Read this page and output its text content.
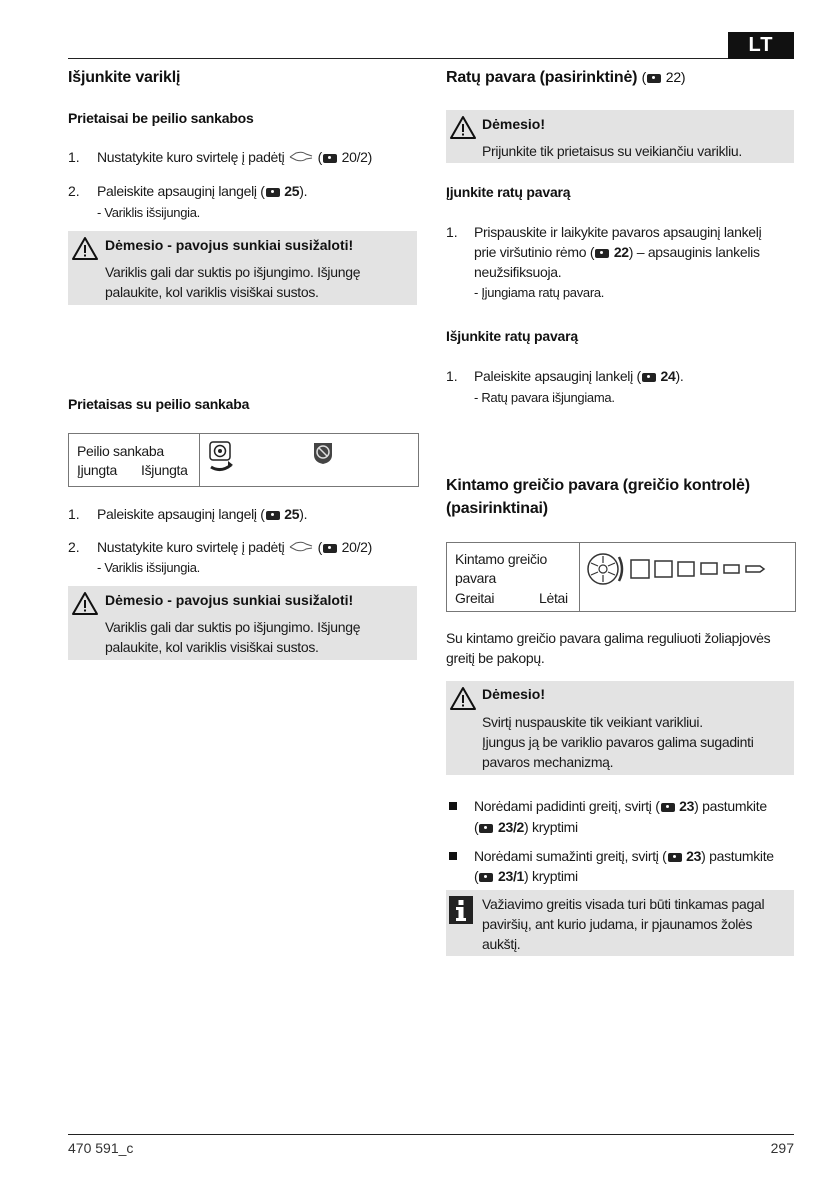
LT
Išjunkite variklį
Prietaisai be peilio sankabos
1. Nustatykite kuro svirtelę į padėtį  ( 20/2)
2. Paleiskite apsauginį langelį ( 25).
- Variklis išsijungia.
Dėmesio - pavojus sunkiai susižaloti!
Variklis gali dar suktis po išjungimo. Išjungę
palaukite, kol variklis visiškai sustos.
Prietaisas su peilio sankaba
Peilio sankaba
Įjungta Išjungta
1. Paleiskite apsauginį langelį ( 25).
2. Nustatykite kuro svirtelę į padėtį  ( 20/2)
- Variklis išsijungia.
Dėmesio - pavojus sunkiai susižaloti!
Variklis gali dar suktis po išjungimo. Išjungę
palaukite, kol variklis visiškai sustos.
Ratų pavara (pasirinktinė) ( 22)
Dėmesio!
Prijunkite tik prietaisus su veikiančiu varikliu.
Įjunkite ratų pavarą
1. Prispauskite ir laikykite pavaros apsauginį lankelį
prie viršutinio rėmo ( 22) – apsauginis lankelis
neužsifiksuoja.
- Įjungiama ratų pavara.
Išjunkite ratų pavarą
1. Paleiskite apsauginį lankelį ( 24).
- Ratų pavara išjungiama.
Kintamo greičio pavara (greičio kontrolė)
(pasirinktinai)
Kintamo greičio
pavara
Greitai	Lėtai
Su kintamo greičio pavara galima reguliuoti žoliapjovės
greitį be pakopų.
Dėmesio!
Svirtį nuspauskite tik veikiant varikliui.
Įjungus ją be variklio pavaros galima sugadinti
pavaros mechanizmą.
Norėdami padidinti greitį, svirtį ( 23) pastumkite
( 23/2) kryptimi
Norėdami sumažinti greitį, svirtį ( 23) pastumkite
( 23/1) kryptimi
Važiavimo greitis visada turi būti tinkamas pagal
paviršių, ant kurio judama, ir pjaunamos žolės
aukštį.
470 591_c	297
